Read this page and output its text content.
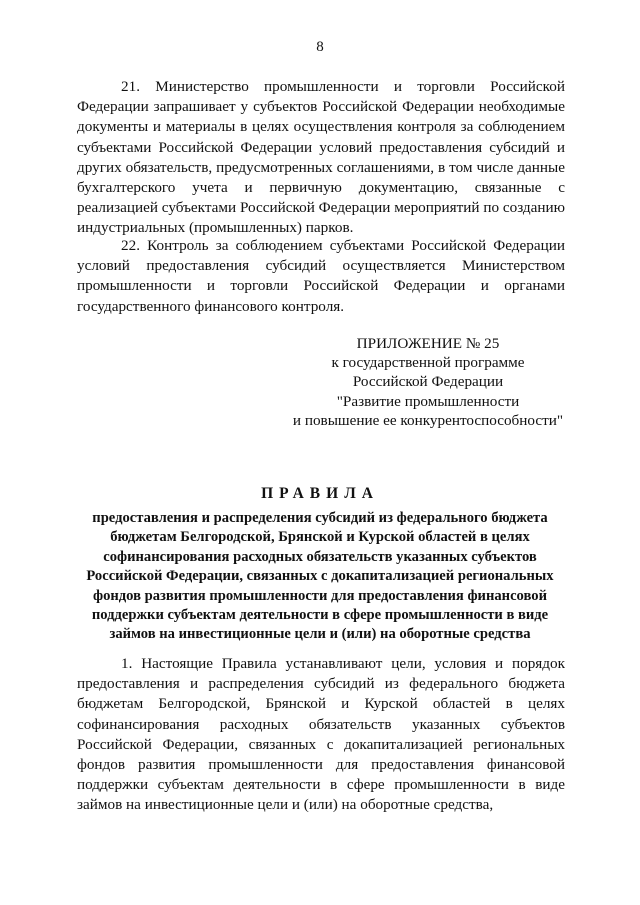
8

21. Министерство промышленности и торговли Российской Федерации запрашивает у субъектов Российской Федерации необходимые документы и материалы в целях осуществления контроля за соблюдением субъектами Российской Федерации условий предоставления субсидий и других обязательств, предусмотренных соглашениями, в том числе данные бухгалтерского учета и первичную документацию, связанные с реализацией субъектами Российской Федерации мероприятий по созданию индустриальных (промышленных) парков.

22. Контроль за соблюдением субъектами Российской Федерации условий предоставления субсидий осуществляется Министерством промышленности и торговли Российской Федерации и органами государственного финансового контроля.

ПРИЛОЖЕНИЕ № 25
к государственной программе
Российской Федерации
"Развитие промышленности
и повышение ее конкурентоспособности"
ПРАВИЛА
предоставления и распределения субсидий из федерального бюджета
бюджетам Белгородской, Брянской и Курской областей в целях
софинансирования расходных обязательств указанных субъектов
Российской Федерации, связанных с докапитализацией региональных
фондов развития промышленности для предоставления финансовой
поддержки субъектам деятельности в сфере промышленности в виде
займов на инвестиционные цели и (или) на оборотные средства

1. Настоящие Правила устанавливают цели, условия и порядок предоставления и распределения субсидий из федерального бюджета бюджетам Белгородской, Брянской и Курской областей в целях софинансирования расходных обязательств указанных субъектов Российской Федерации, связанных с докапитализацией региональных фондов развития промышленности для предоставления финансовой поддержки субъектам деятельности в сфере промышленности в виде займов на инвестиционные цели и (или) на оборотные средства,
